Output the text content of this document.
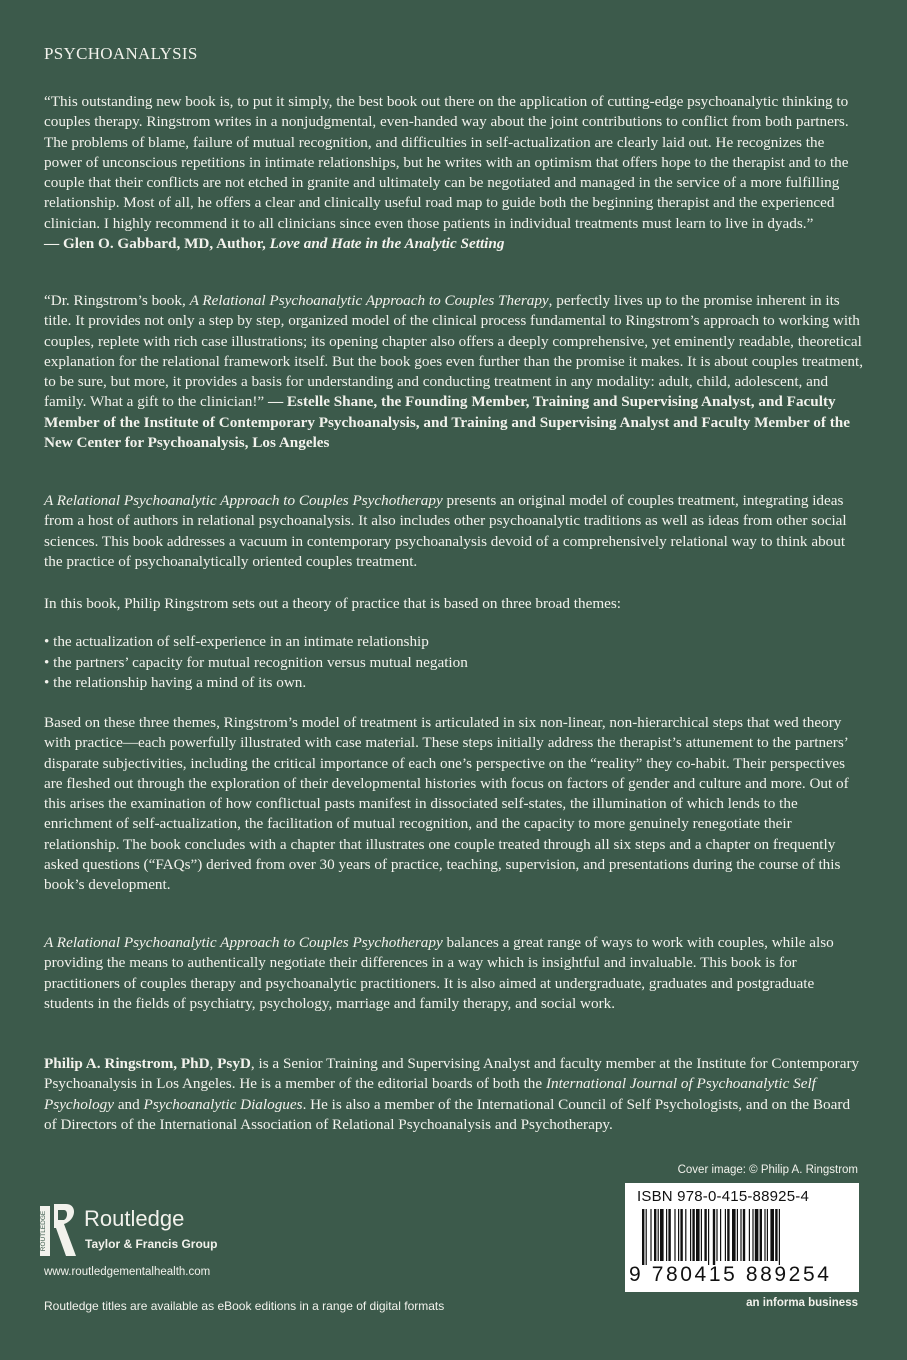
PSYCHOANALYSIS

“This outstanding new book is, to put it simply, the best book out there on the application of cutting-edge psychoanalytic thinking to couples therapy. Ringstrom writes in a nonjudgmental, even-handed way about the joint contributions to conflict from both partners. The problems of blame, failure of mutual recognition, and difficulties in self-actualization are clearly laid out. He recognizes the power of unconscious repetitions in intimate relationships, but he writes with an optimism that offers hope to the therapist and to the couple that their conflicts are not etched in granite and ultimately can be negotiated and managed in the service of a more fulfilling relationship. Most of all, he offers a clear and clinically useful road map to guide both the beginning therapist and the experienced clinician. I highly recommend it to all clinicians since even those patients in individual treatments must learn to live in dyads.”
— Glen O. Gabbard, MD, Author, Love and Hate in the Analytic Setting

“Dr. Ringstrom’s book, A Relational Psychoanalytic Approach to Couples Therapy, perfectly lives up to the promise inherent in its title. It provides not only a step by step, organized model of the clinical process fundamental to Ringstrom’s approach to working with couples, replete with rich case illustrations; its opening chapter also offers a deeply comprehensive, yet eminently readable, theoretical explanation for the relational framework itself. But the book goes even further than the promise it makes. It is about couples treatment, to be sure, but more, it provides a basis for understanding and conducting treatment in any modality: adult, child, adolescent, and family. What a gift to the clinician!” — Estelle Shane, the Founding Member, Training and Supervising Analyst, and Faculty Member of the Institute of Contemporary Psychoanalysis, and Training and Supervising Analyst and Faculty Member of the New Center for Psychoanalysis, Los Angeles

A Relational Psychoanalytic Approach to Couples Psychotherapy presents an original model of couples treatment, integrating ideas from a host of authors in relational psychoanalysis. It also includes other psychoanalytic traditions as well as ideas from other social sciences. This book addresses a vacuum in contemporary psychoanalysis devoid of a comprehensively relational way to think about the practice of psychoanalytically oriented couples treatment.

In this book, Philip Ringstrom sets out a theory of practice that is based on three broad themes:

• the actualization of self-experience in an intimate relationship
• the partners’ capacity for mutual recognition versus mutual negation
• the relationship having a mind of its own.

Based on these three themes, Ringstrom’s model of treatment is articulated in six non-linear, non-hierarchical steps that wed theory with practice—each powerfully illustrated with case material. These steps initially address the therapist’s attunement to the partners’ disparate subjectivities, including the critical importance of each one’s perspective on the “reality” they co-habit. Their perspectives are fleshed out through the exploration of their developmental histories with focus on factors of gender and culture and more. Out of this arises the examination of how conflictual pasts manifest in dissociated self-states, the illumination of which lends to the enrichment of self-actualization, the facilitation of mutual recognition, and the capacity to more genuinely renegotiate their relationship. The book concludes with a chapter that illustrates one couple treated through all six steps and a chapter on frequently asked questions (“FAQs”) derived from over 30 years of practice, teaching, supervision, and presentations during the course of this book’s development.

A Relational Psychoanalytic Approach to Couples Psychotherapy balances a great range of ways to work with couples, while also providing the means to authentically negotiate their differences in a way which is insightful and invaluable. This book is for practitioners of couples therapy and psychoanalytic practitioners. It is also aimed at undergraduate, graduates and postgraduate students in the fields of psychiatry, psychology, marriage and family therapy, and social work.

Philip A. Ringstrom, PhD, PsyD, is a Senior Training and Supervising Analyst and faculty member at the Institute for Contemporary Psychoanalysis in Los Angeles. He is a member of the editorial boards of both the International Journal of Psychoanalytic Self Psychology and Psychoanalytic Dialogues. He is also a member of the International Council of Self Psychologists, and on the Board of Directors of the International Association of Relational Psychoanalysis and Psychotherapy.

ROUTLEDGE Routledge
Taylor & Francis Group
www.routledgementalhealth.com
Routledge titles are available as eBook editions in a range of digital formats
Cover image: © Philip A. Ringstrom
ISBN 978-0-415-88925-4
9 780415 889254
an informa business
